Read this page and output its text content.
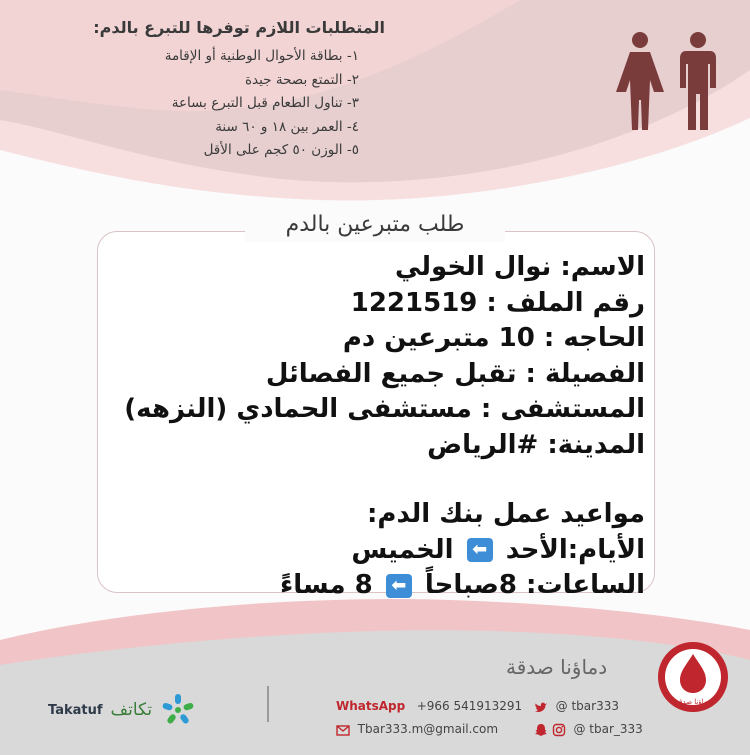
المتطلبات اللازم توفرها للتبرع بالدم:

١- بطاقة الأحوال الوطنية أو الإقامة

٢- التمتع بصحة جيدة

٣- تناول الطعام قبل التبرع بساعة

٤- العمر بين ١٨ و ٦٠ سنة

٥- الوزن ٥٠ كجم على الأقل

طلب متبرعين بالدم

الاسم: نوال الخولي

رقم الملف : 1221519

الحاجه : 10 متبرعين دم

الفصيلة : تقبل جميع الفصائل

المستشفى : مستشفى الحمادي (النزهه)

المدينة: #الرياض

مواعيد عمل بنك الدم:

الأيام:الأحد ⬅ الخميس

الساعات: 8صباحاً ⬅ 8 مساءً

دماؤنا صدقة
دماؤنا صدقة
WhatsApp +966 541913291
Tbar333.m@gmail.com
@ tbar333
@ tbar_333
Takatuf تكاتف
